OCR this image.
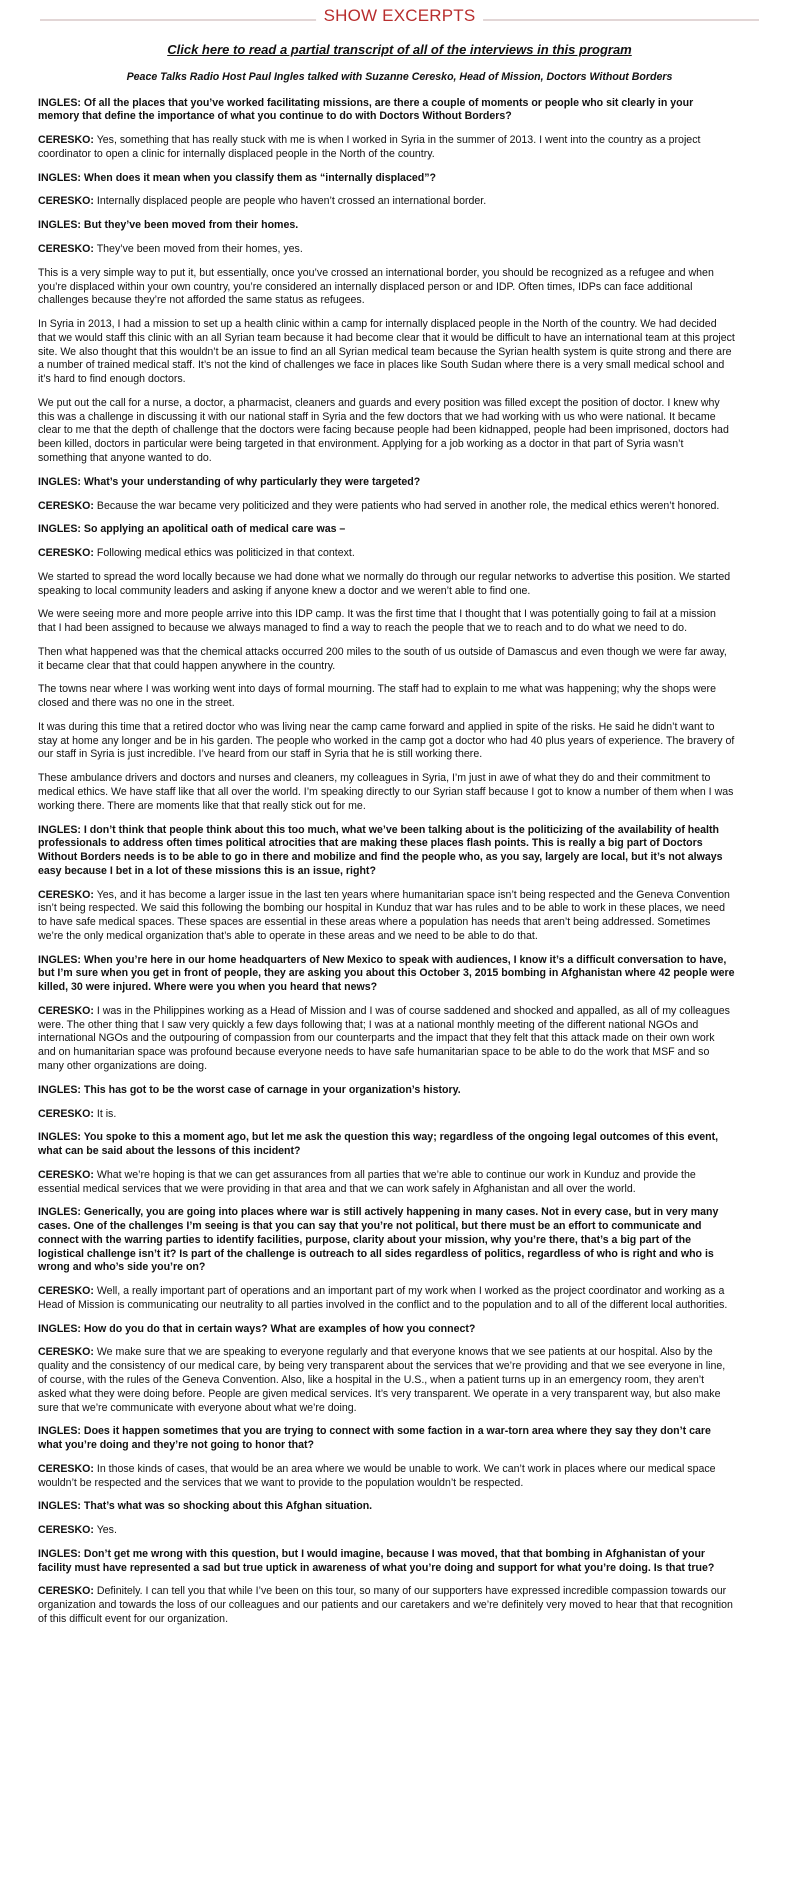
SHOW EXCERPTS
Click here to read a partial transcript of all of the interviews in this program
Peace Talks Radio Host Paul Ingles talked with Suzanne Ceresko, Head of Mission, Doctors Without Borders
INGLES: Of all the places that you’ve worked facilitating missions, are there a couple of moments or people who sit clearly in your memory that define the importance of what you continue to do with Doctors Without Borders?
CERESKO: Yes, something that has really stuck with me is when I worked in Syria in the summer of 2013. I went into the country as a project coordinator to open a clinic for internally displaced people in the North of the country.
INGLES: When does it mean when you classify them as “internally displaced”?
CERESKO: Internally displaced people are people who haven’t crossed an international border.
INGLES: But they’ve been moved from their homes.
CERESKO: They’ve been moved from their homes, yes.
This is a very simple way to put it, but essentially, once you’ve crossed an international border, you should be recognized as a refugee and when you’re displaced within your own country, you’re considered an internally displaced person or and IDP. Often times, IDPs can face additional challenges because they’re not afforded the same status as refugees.
In Syria in 2013, I had a mission to set up a health clinic within a camp for internally displaced people in the North of the country. We had decided that we would staff this clinic with an all Syrian team because it had become clear that it would be difficult to have an international team at this project site. We also thought that this wouldn’t be an issue to find an all Syrian medical team because the Syrian health system is quite strong and there are a number of trained medical staff. It’s not the kind of challenges we face in places like South Sudan where there is a very small medical school and it’s hard to find enough doctors.
We put out the call for a nurse, a doctor, a pharmacist, cleaners and guards and every position was filled except the position of doctor. I knew why this was a challenge in discussing it with our national staff in Syria and the few doctors that we had working with us who were national. It became clear to me that the depth of challenge that the doctors were facing because people had been kidnapped, people had been imprisoned, doctors had been killed, doctors in particular were being targeted in that environment. Applying for a job working as a doctor in that part of Syria wasn’t something that anyone wanted to do.
INGLES: What’s your understanding of why particularly they were targeted?
CERESKO: Because the war became very politicized and they were patients who had served in another role, the medical ethics weren’t honored.
INGLES: So applying an apolitical oath of medical care was –
CERESKO: Following medical ethics was politicized in that context.
We started to spread the word locally because we had done what we normally do through our regular networks to advertise this position. We started speaking to local community leaders and asking if anyone knew a doctor and we weren’t able to find one.
We were seeing more and more people arrive into this IDP camp. It was the first time that I thought that I was potentially going to fail at a mission that I had been assigned to because we always managed to find a way to reach the people that we to reach and to do what we need to do.
Then what happened was that the chemical attacks occurred 200 miles to the south of us outside of Damascus and even though we were far away, it became clear that that could happen anywhere in the country.
The towns near where I was working went into days of formal mourning. The staff had to explain to me what was happening; why the shops were closed and there was no one in the street.
It was during this time that a retired doctor who was living near the camp came forward and applied in spite of the risks. He said he didn’t want to stay at home any longer and be in his garden. The people who worked in the camp got a doctor who had 40 plus years of experience. The bravery of our staff in Syria is just incredible. I’ve heard from our staff in Syria that he is still working there.
These ambulance drivers and doctors and nurses and cleaners, my colleagues in Syria, I’m just in awe of what they do and their commitment to medical ethics. We have staff like that all over the world. I’m speaking directly to our Syrian staff because I got to know a number of them when I was working there. There are moments like that that really stick out for me.
INGLES: I don’t think that people think about this too much, what we’ve been talking about is the politicizing of the availability of health professionals to address often times political atrocities that are making these places flash points. This is really a big part of Doctors Without Borders needs is to be able to go in there and mobilize and find the people who, as you say, largely are local, but it’s not always easy because I bet in a lot of these missions this is an issue, right?
CERESKO: Yes, and it has become a larger issue in the last ten years where humanitarian space isn’t being respected and the Geneva Convention isn’t being respected. We said this following the bombing our hospital in Kunduz that war has rules and to be able to work in these places, we need to have safe medical spaces. These spaces are essential in these areas where a population has needs that aren’t being addressed. Sometimes we’re the only medical organization that’s able to operate in these areas and we need to be able to do that.
INGLES: When you’re here in our home headquarters of New Mexico to speak with audiences, I know it’s a difficult conversation to have, but I’m sure when you get in front of people, they are asking you about this October 3, 2015 bombing in Afghanistan where 42 people were killed, 30 were injured. Where were you when you heard that news?
CERESKO: I was in the Philippines working as a Head of Mission and I was of course saddened and shocked and appalled, as all of my colleagues were. The other thing that I saw very quickly a few days following that; I was at a national monthly meeting of the different national NGOs and international NGOs and the outpouring of compassion from our counterparts and the impact that they felt that this attack made on their own work and on humanitarian space was profound because everyone needs to have safe humanitarian space to be able to do the work that MSF and so many other organizations are doing.
INGLES: This has got to be the worst case of carnage in your organization’s history.
CERESKO: It is.
INGLES: You spoke to this a moment ago, but let me ask the question this way; regardless of the ongoing legal outcomes of this event, what can be said about the lessons of this incident?
CERESKO: What we’re hoping is that we can get assurances from all parties that we’re able to continue our work in Kunduz and provide the essential medical services that we were providing in that area and that we can work safely in Afghanistan and all over the world.
INGLES: Generically, you are going into places where war is still actively happening in many cases. Not in every case, but in very many cases. One of the challenges I’m seeing is that you can say that you’re not political, but there must be an effort to communicate and connect with the warring parties to identify facilities, purpose, clarity about your mission, why you’re there, that’s a big part of the logistical challenge isn’t it? Is part of the challenge is outreach to all sides regardless of politics, regardless of who is right and who is wrong and who’s side you’re on?
CERESKO: Well, a really important part of operations and an important part of my work when I worked as the project coordinator and working as a Head of Mission is communicating our neutrality to all parties involved in the conflict and to the population and to all of the different local authorities.
INGLES: How do you do that in certain ways? What are examples of how you connect?
CERESKO: We make sure that we are speaking to everyone regularly and that everyone knows that we see patients at our hospital. Also by the quality and the consistency of our medical care, by being very transparent about the services that we’re providing and that we see everyone in line, of course, with the rules of the Geneva Convention. Also, like a hospital in the U.S., when a patient turns up in an emergency room, they aren’t asked what they were doing before. People are given medical services. It’s very transparent. We operate in a very transparent way, but also make sure that we’re communicate with everyone about what we’re doing.
INGLES: Does it happen sometimes that you are trying to connect with some faction in a war-torn area where they say they don’t care what you’re doing and they’re not going to honor that?
CERESKO: In those kinds of cases, that would be an area where we would be unable to work. We can’t work in places where our medical space wouldn’t be respected and the services that we want to provide to the population wouldn’t be respected.
INGLES: That’s what was so shocking about this Afghan situation.
CERESKO: Yes.
INGLES: Don’t get me wrong with this question, but I would imagine, because I was moved, that that bombing in Afghanistan of your facility must have represented a sad but true uptick in awareness of what you’re doing and support for what you’re doing. Is that true?
CERESKO: Definitely. I can tell you that while I’ve been on this tour, so many of our supporters have expressed incredible compassion towards our organization and towards the loss of our colleagues and our patients and our caretakers and we’re definitely very moved to hear that that recognition of this difficult event for our organization.
